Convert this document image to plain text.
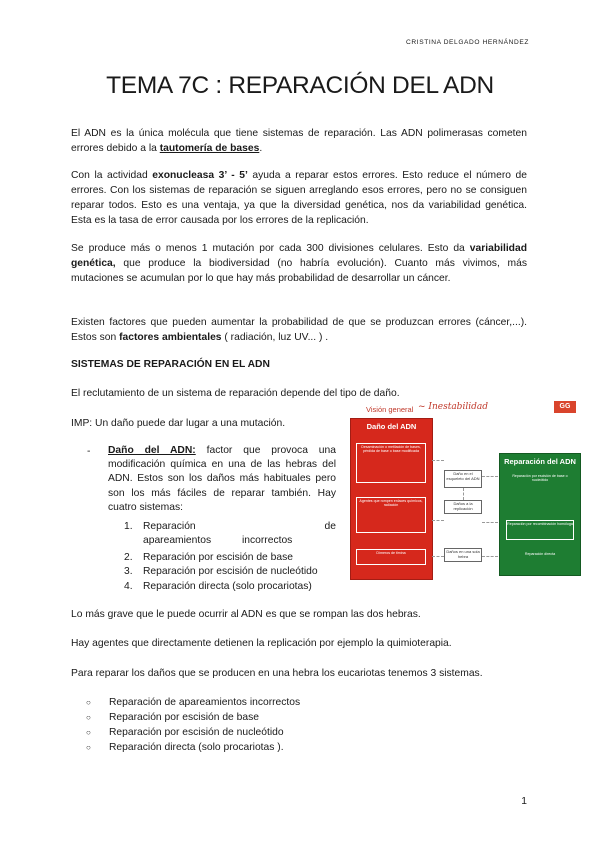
CRISTINA DELGADO HERNÁNDEZ
TEMA 7C : REPARACIÓN DEL ADN
El ADN es la única molécula que tiene sistemas de reparación. Las ADN polimerasas cometen errores debido a la tautomería de bases.
Con la actividad exonucleasa 3’ - 5’ ayuda a reparar estos errores. Esto reduce el número de errores. Con los sistemas de reparación se siguen arreglando esos errores, pero no se consiguen reparar todos. Esto es una ventaja, ya que la diversidad genética, nos da variabilidad genética. Esta es la tasa de error causada por los errores de la replicación.
Se produce más o menos 1 mutación por cada 300 divisiones celulares. Esto da variabilidad genética, que produce la biodiversidad (no habría evolución). Cuanto más vivimos, más mutaciones se acumulan por lo que hay más probabilidad de desarrollar un cáncer.
Existen factores que pueden aumentar la probabilidad de que se produzcan errores (cáncer,...). Estos son factores ambientales ( radiación, luz UV... ) .
SISTEMAS DE REPARACIÓN EN EL ADN
El reclutamiento de un sistema de reparación depende del tipo de daño.
IMP: Un daño puede dar lugar a una mutación.
- Daño del ADN: factor que provoca una modificación química en una de las hebras del ADN. Estos son los daños más habituales pero son los más fáciles de reparar también. Hay cuatro sistemas:
1.	Reparación de apareamientos incorrectos
2.	Reparación por escisión de base
3.	Reparación por escisión de nucleótido
4.	Reparación directa (solo procariotas)
Visión general ~ Inestabilidad	GG
Daño del ADN
Desaminación o metilación de bases, pérdida de base o base modificada
Agentes que rompen enlaces químicos, radiación
Dímeros de timina
Daño en el esqueleto del ADN
Daños a la replicación
Daños en una sola hebra
Reparación del ADN
Reparación por escisión de base o nucleótido
Reparación por recombinación homóloga
Reparación directa
Lo más grave que le puede ocurrir al ADN es que se rompan las dos hebras.
Hay agentes que directamente detienen la replicación por ejemplo la quimioterapia.
Para reparar los daños que se producen en una hebra los eucariotas tenemos 3 sistemas.
○	Reparación de apareamientos incorrectos
○	Reparación por escisión de base
○	Reparación por escisión de nucleótido
○	Reparación directa (solo procariotas ).
1
